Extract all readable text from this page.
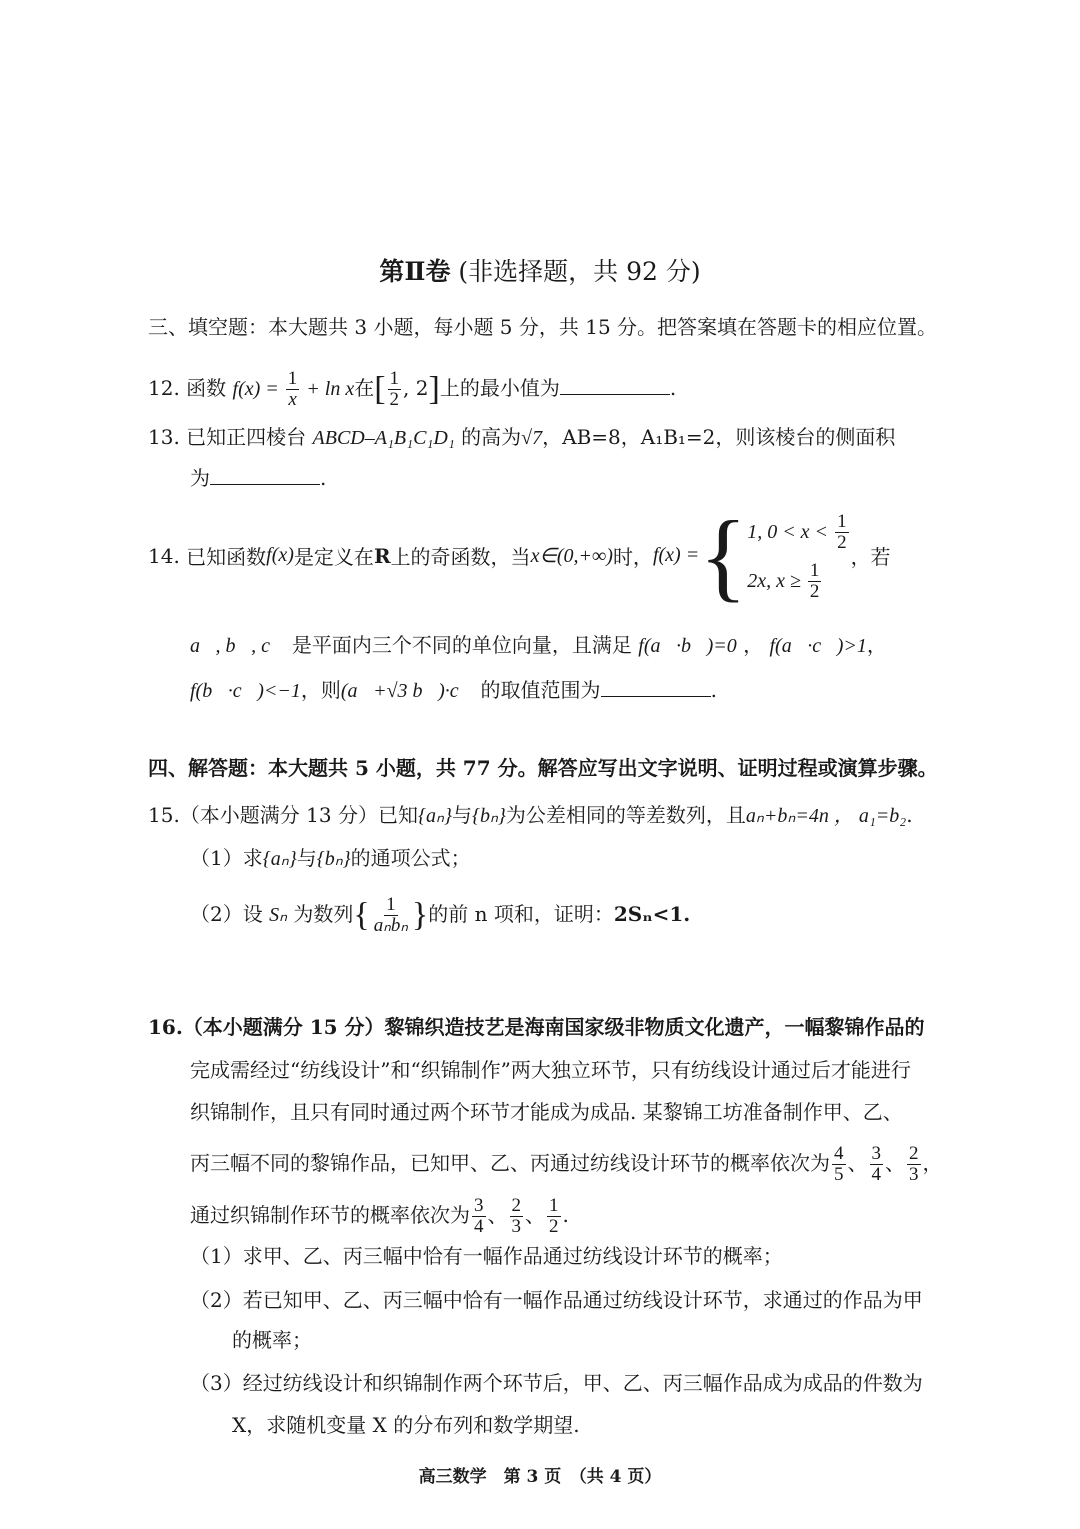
第Ⅱ卷 (非选择题，共 92 分)
三、填空题：本大题共 3 小题，每小题 5 分，共 15 分。把答案填在答题卡的相应位置。
12. 函数 $f(x) = \frac{1}{x} + \ln x$在[ $\frac{1}{2}$ , 2]上的最小值为	.
13. 已知正四棱台 ABCD–A₁B₁C₁D₁ 的高为√7，AB=8，A₁B₁=2，则该棱台的侧面积
为	.
14.
已知函数 f(x) 是定义在 R 上的奇函数，当 x∈(0,+∞) 时， f(x) = { 1, $0 < x < \frac{1}{2}$
2x, $x \ge \frac{1}{2}$
，若
a⃗, b⃗, c⃗ 是平面内三个不同的单位向量，且满足 f(a⃗·b⃗)=0 ， f(a⃗·c⃗)>1，
f(b⃗·c⃗)<−1，则(a⃗+√3 b⃗)·c⃗ 的取值范围为	.
四、解答题：本大题共 5 小题，共 77 分。解答应写出文字说明、证明过程或演算步骤。
15.（本小题满分 13 分）已知{aₙ}与{bₙ}为公差相同的等差数列，且aₙ+bₙ=4n ， a₁=b₂.
（1）求{aₙ}与{bₙ}的通项公式；
（2）设 Sₙ 为数列{ $\frac{1}{\text{aₙbₙ}}$ }的前 n 项和，证明：2Sₙ<1.
16.（本小题满分 15 分）黎锦织造技艺是海南国家级非物质文化遗产，一幅黎锦作品的
完成需经过“纺线设计”和“织锦制作”两大独立环节，只有纺线设计通过后才能进行
织锦制作，且只有同时通过两个环节才能成为成品. 某黎锦工坊准备制作甲、乙、
丙三幅不同的黎锦作品，已知甲、乙、丙通过纺线设计环节的概率依次为 $\frac{4}{5}$ 、 $\frac{3}{4}$ 、 $\frac{2}{3}$ ，
通过织锦制作环节的概率依次为 $\frac{3}{4}$ 、 $\frac{2}{3}$ 、 $\frac{1}{2}$ .
（1）求甲、乙、丙三幅中恰有一幅作品通过纺线设计环节的概率；
（2）若已知甲、乙、丙三幅中恰有一幅作品通过纺线设计环节，求通过的作品为甲
的概率；
（3）经过纺线设计和织锦制作两个环节后，甲、乙、丙三幅作品成为成品的件数为
X，求随机变量 X 的分布列和数学期望.
高三数学　第 3 页　（共 4 页）
